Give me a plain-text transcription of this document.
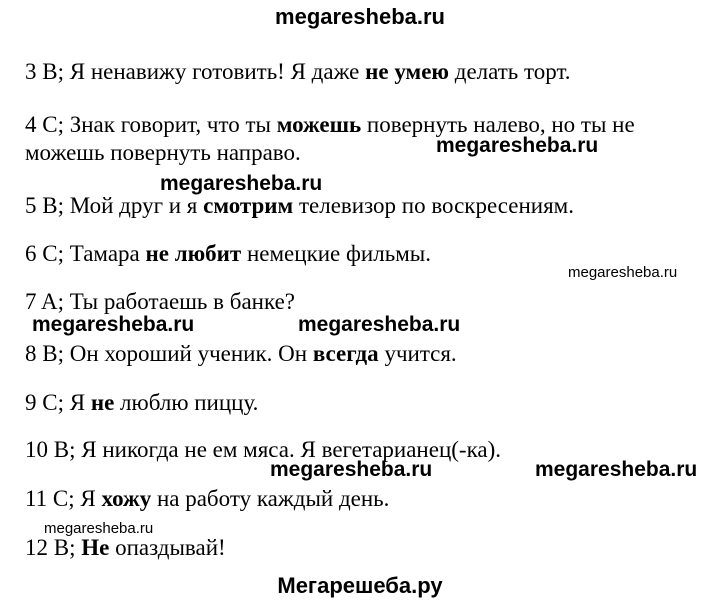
megaresheba.ru

3 B; Я ненавижу готовить! Я даже не умею делать торт.

4 C; Знак говорит, что ты можешь повернуть налево, но ты не
можешь повернуть направо.

5 B; Мой друг и я смотрим телевизор по воскресениям.

6 C; Тамара не любит немецкие фильмы.

7 A; Ты работаешь в банке?

8 B; Он хороший ученик. Он всегда учится.

9 C; Я не люблю пиццу.

10 B; Я никогда не ем мяса. Я вегетарианец(-ка).

11 C; Я хожу на работу каждый день.

12 B; Не опаздывай!

megaresheba.ru
megaresheba.ru
megaresheba.ru
megaresheba.ru	megaresheba.ru
megaresheba.ru	megaresheba.ru
megaresheba.ru
Мегарешеба.ру
